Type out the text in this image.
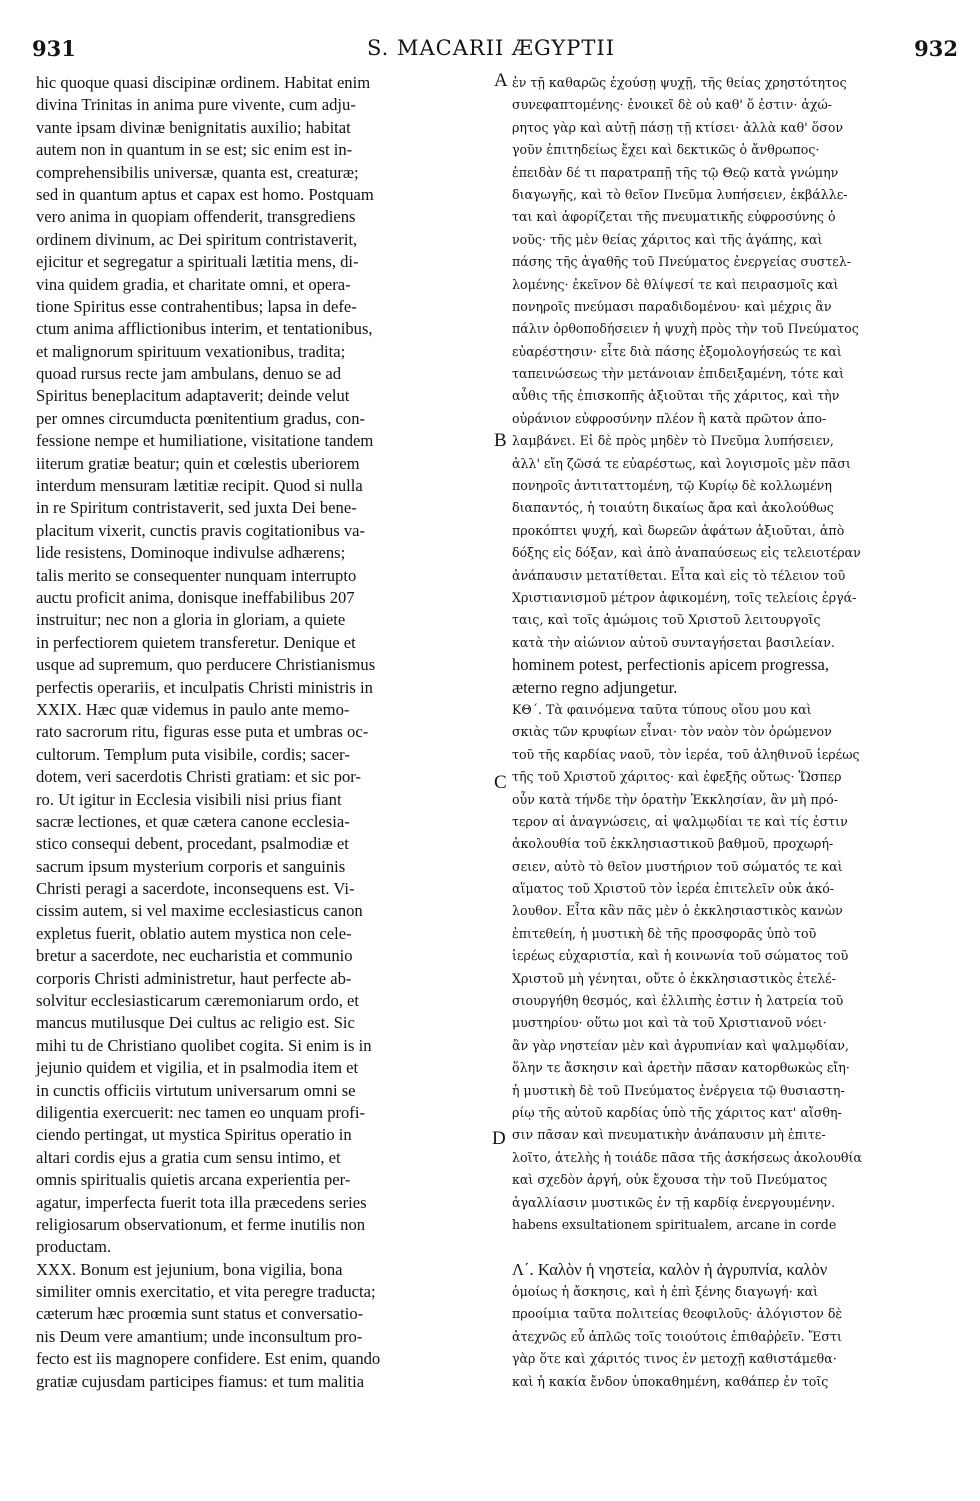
931	S. MACARII ÆGYPTII	932
hic quoque quasi discipinæ ordinem. Habitat enim
divina Trinitas in anima pure vivente, cum adju-
vante ipsam divinæ benignitatis auxilio; habitat
autem non in quantum in se est; sic enim est in-
comprehensibilis universæ, quanta est, creaturæ;
sed in quantum aptus et capax est homo. Postquam
vero anima in quopiam offenderit, transgrediens
ordinem divinum, ac Dei spiritum contristaverit,
ejicitur et segregatur a spirituali lætitia mens, di-
vina quidem gradia, et charitate omni, et opera-
tione Spiritus esse contrahentibus; lapsa in defe-
ctum anima afflictionibus interim, et tentationibus,
et malignorum spirituum vexationibus, tradita;
quoad rursus recte jam ambulans, denuo se ad
Spiritus beneplacitum adaptaverit; deinde velut
per omnes circumducta pœnitentium gradus, con-
fessione nempe et humiliatione, visitatione tandem
iiterum gratiæ beatur; quin et cœlestis uberiorem
interdum mensuram lætitiæ recipit. Quod si nulla
in re Spiritum contristaverit, sed juxta Dei bene-
placitum vixerit, cunctis pravis cogitationibus va-
lide resistens, Dominoque indivulse adhærens;
talis merito se consequenter nunquam interrupto
auctu proficit anima, donisque ineffabilibus 207
instruitur; nec non a gloria in gloriam, a quiete
in perfectiorem quietem transferetur. Denique et
usque ad supremum, quo perducere Christianismus
perfectis operariis, et inculpatis Christi ministris in
XXIX. Hæc quæ videmus in paulo ante memo-
rato sacrorum ritu, figuras esse puta et umbras oc-
cultorum. Templum puta visibile, cordis; sacer-
dotem, veri sacerdotis Christi gratiam: et sic por-
ro. Ut igitur in Ecclesia visibili nisi prius fiant
sacræ lectiones, et quæ cætera canone ecclesia-
stico consequi debent, procedant, psalmodiæ et
sacrum ipsum mysterium corporis et sanguinis
Christi peragi a sacerdote, inconsequens est. Vi-
cissim autem, si vel maxime ecclesiasticus canon
expletus fuerit, oblatio autem mystica non cele-
bretur a sacerdote, nec eucharistia et communio
corporis Christi administretur, haut perfecte ab-
solvitur ecclesiasticarum cæremoniarum ordo, et
mancus mutilusque Dei cultus ac religio est. Sic
mihi tu de Christiano quolibet cogita. Si enim is in
jejunio quidem et vigilia, et in psalmodia item et
in cunctis officiis virtutum universarum omni se
diligentia exercuerit: nec tamen eo unquam profi-
ciendo pertingat, ut mystica Spiritus operatio in
altari cordis ejus a gratia cum sensu intimo, et
omnis spiritualis quietis arcana experientia per-
agatur, imperfecta fuerit tota illa præcedens series
religiosarum observationum, et ferme inutilis non
productam.
XXX. Bonum est jejunium, bona vigilia, bona
similiter omnis exercitatio, et vita peregre traducta;
cæterum hæc proœmia sunt status et conversatio-
nis Deum vere amantium; unde inconsultum pro-
fecto est iis magnopere confidere. Est enim, quando
gratiæ cujusdam participes fiamus: et tum malitia
ἐν τῇ καθαρῶς ἐχούσῃ ψυχῇ, τῆς θείας χρηστότητος
συνεφαπτομένης· ἐνοικεῖ δὲ οὐ καθ' ὅ ἐστιν· ἀχώ-
ρητος γὰρ καὶ αὐτῇ πάσῃ τῇ κτίσει· ἀλλὰ καθ' ὅσον
γοῦν ἐπιτηδείως ἔχει καὶ δεκτικῶς ὁ ἄνθρωπος·
ἐπειδὰν δέ τι παρατραπῇ τῆς τῷ Θεῷ κατὰ γνώμην
διαγωγῆς, καὶ τὸ θεῖον Πνεῦμα λυπήσειεν, ἐκβάλλε-
ται καὶ ἀφορίζεται τῆς πνευματικῆς εὐφροσύνης ὁ
νοῦς· τῆς μὲν θείας χάριτος καὶ τῆς ἀγάπης, καὶ
πάσης τῆς ἀγαθῆς τοῦ Πνεύματος ἐνεργείας συστελ-
λομένης· ἐκεῖνον δὲ θλίψεσί τε καὶ πειρασμοῖς καὶ
πονηροῖς πνεύμασι παραδιδομένου· καὶ μέχρις ἂν
πάλιν ὀρθοποδήσειεν ἡ ψυχὴ πρὸς τὴν τοῦ Πνεύματος
εὐαρέστησιν· εἶτε διὰ πάσης ἐξομολογήσεώς τε καὶ
ταπεινώσεως τὴν μετάνοιαν ἐπιδειξαμένη, τότε καὶ
αὖθις τῆς ἐπισκοπῆς ἀξιοῦται τῆς χάριτος, καὶ τὴν
οὐράνιον εὐφροσύνην πλέον ἢ κατὰ πρῶτον ἀπο-
λαμβάνει. Εἰ δὲ πρὸς μηδὲν τὸ Πνεῦμα λυπήσειεν,
ἀλλ' εἴη ζῶσά τε εὐαρέστως, καὶ λογισμοῖς μὲν πᾶσι
πονηροῖς ἀντιταττομένη, τῷ Κυρίῳ δὲ κολλωμένη
διαπαντός, ἡ τοιαύτη δικαίως ἄρα καὶ ἀκολούθως
προκόπτει ψυχή, καὶ δωρεῶν ἀφάτων ἀξιοῦται, ἀπὸ
δόξης εἰς δόξαν, καὶ ἀπὸ ἀναπαύσεως εἰς τελειοτέραν
ἀνάπαυσιν μετατίθεται. Εἶτα καὶ εἰς τὸ τέλειον τοῦ
Χριστιανισμοῦ μέτρον ἀφικομένη, τοῖς τελείοις ἐργά-
ταις, καὶ τοῖς ἀμώμοις τοῦ Χριστοῦ λειτουργοῖς
κατὰ τὴν αἰώνιον αὐτοῦ συνταγήσεται βασιλείαν.
hominem potest, perfectionis apicem progressa,
æterno regno adjungetur.
ΚΘ΄. Τὰ φαινόμενα ταῦτα τύπους οἴου μου καὶ
σκιὰς τῶν κρυφίων εἶναι· τὸν ναὸν τὸν ὁρώμενον
τοῦ τῆς καρδίας ναοῦ, τὸν ἱερέα, τοῦ ἀληθινοῦ ἱερέως
τῆς τοῦ Χριστοῦ χάριτος· καὶ ἐφεξῆς οὕτως· Ὥσπερ
οὖν κατὰ τήνδε τὴν ὁρατὴν Ἐκκλησίαν, ἂν μὴ πρό-
τερον αἱ ἀναγνώσεις, αἱ ψαλμῳδίαι τε καὶ τίς ἐστιν
ἀκολουθία τοῦ ἐκκλησιαστικοῦ βαθμοῦ, προχωρή-
σειεν, αὐτὸ τὸ θεῖον μυστήριον τοῦ σώματός τε καὶ
αἵματος τοῦ Χριστοῦ τὸν ἱερέα ἐπιτελεῖν οὐκ ἀκό-
λουθον. Εἶτα κἂν πᾶς μὲν ὁ ἐκκλησιαστικὸς κανὼν
ἐπιτεθείη, ἡ μυστικὴ δὲ τῆς προσφορᾶς ὑπὸ τοῦ
ἱερέως εὐχαριστία, καὶ ἡ κοινωνία τοῦ σώματος τοῦ
Χριστοῦ μὴ γένηται, οὔτε ὁ ἐκκλησιαστικὸς ἐτελέ-
σιουργήθη θεσμός, καὶ ἐλλιπὴς ἐστιν ἡ λατρεία τοῦ
μυστηρίου· οὕτω μοι καὶ τὰ τοῦ Χριστιανοῦ νόει·
ἂν γὰρ νηστείαν μὲν καὶ ἀγρυπνίαν καὶ ψαλμῳδίαν,
ὅλην τε ἄσκησιν καὶ ἀρετὴν πᾶσαν κατορθωκὼς εἴη·
ἡ μυστικὴ δὲ τοῦ Πνεύματος ἐνέργεια τῷ θυσιαστη-
ρίῳ τῆς αὐτοῦ καρδίας ὑπὸ τῆς χάριτος κατ' αἴσθη-
σιν πᾶσαν καὶ πνευματικὴν ἀνάπαυσιν μὴ ἐπιτε-
λοῖτο, ἀτελὴς ἡ τοιάδε πᾶσα τῆς ἀσκήσεως ἀκολουθία
καὶ σχεδὸν ἀργή, οὐκ ἔχουσα τὴν τοῦ Πνεύματος
ἀγαλλίασιν μυστικῶς ἐν τῇ καρδίᾳ ἐνεργουμένην.
habens exsultationem spiritualem, arcane in corde
Λ΄. Καλὸν ἡ νηστεία, καλὸν ἡ ἀγρυπνία, καλὸν
ὁμοίως ἡ ἄσκησις, καὶ ἡ ἐπὶ ξένης διαγωγή· καὶ
προοίμια ταῦτα πολιτείας θεοφιλοῦς· ἀλόγιστον δὲ
ἀτεχνῶς εὖ ἀπλῶς τοῖς τοιούτοις ἐπιθαῤῥεῖν. Ἔστι
γὰρ ὅτε καὶ χάριτός τινος ἐν μετοχῇ καθιστάμεθα·
καὶ ἡ κακία ἔνδον ὑποκαθημένη, καθάπερ ἐν τοῖς
A
B
C
D
